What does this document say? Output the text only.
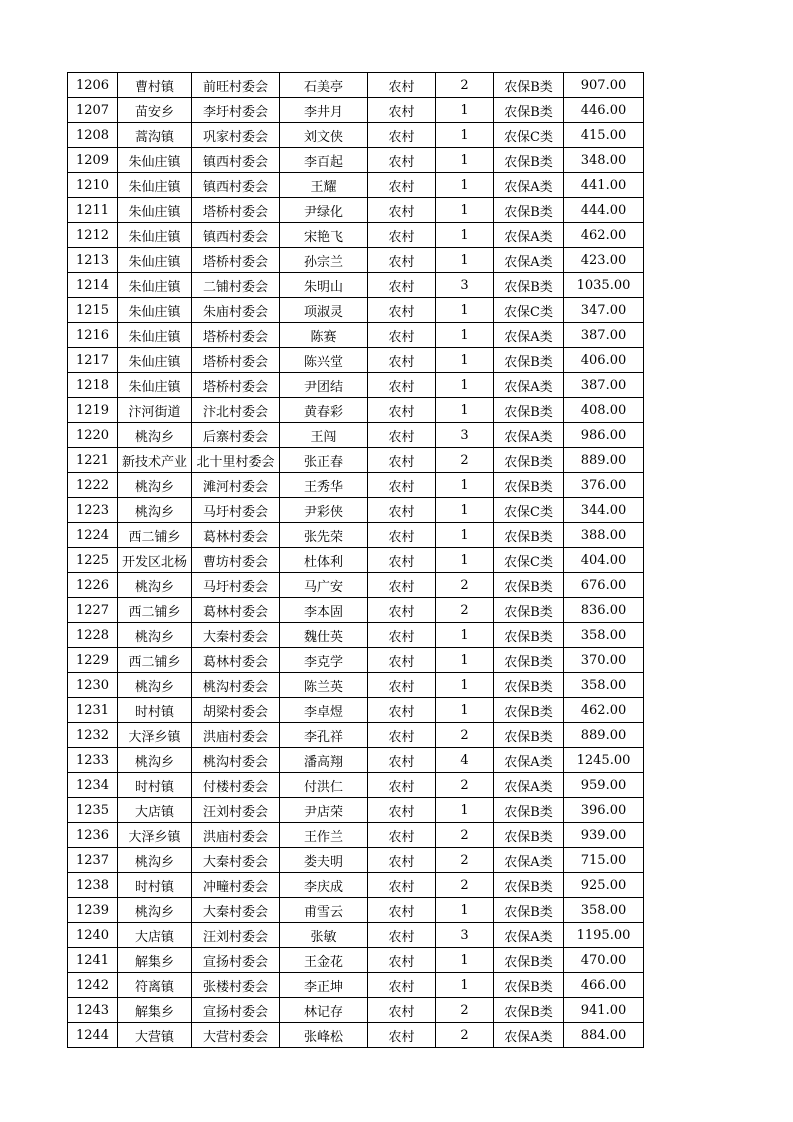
1206	曹村镇	前旺村委会	石美亭	农村	2	农保B类	907.00
1207	苗安乡	李圩村委会	李井月	农村	1	农保B类	446.00
1208	蒿沟镇	巩家村委会	刘文侠	农村	1	农保C类	415.00
1209	朱仙庄镇	镇西村委会	李百起	农村	1	农保B类	348.00
1210	朱仙庄镇	镇西村委会	王耀	农村	1	农保A类	441.00
1211	朱仙庄镇	塔桥村委会	尹绿化	农村	1	农保B类	444.00
1212	朱仙庄镇	镇西村委会	宋艳飞	农村	1	农保A类	462.00
1213	朱仙庄镇	塔桥村委会	孙宗兰	农村	1	农保A类	423.00
1214	朱仙庄镇	二铺村委会	朱明山	农村	3	农保B类	1035.00
1215	朱仙庄镇	朱庙村委会	项淑灵	农村	1	农保C类	347.00
1216	朱仙庄镇	塔桥村委会	陈赛	农村	1	农保A类	387.00
1217	朱仙庄镇	塔桥村委会	陈兴堂	农村	1	农保B类	406.00
1218	朱仙庄镇	塔桥村委会	尹团结	农村	1	农保A类	387.00
1219	汴河街道	汴北村委会	黄春彩	农村	1	农保B类	408.00
1220	桃沟乡	后寨村委会	王闯	农村	3	农保A类	986.00
1221	新技术产业	北十里村委会	张正春	农村	2	农保B类	889.00
1222	桃沟乡	滩河村委会	王秀华	农村	1	农保B类	376.00
1223	桃沟乡	马圩村委会	尹彩侠	农村	1	农保C类	344.00
1224	西二铺乡	葛林村委会	张先荣	农村	1	农保B类	388.00
1225	开发区北杨	曹坊村委会	杜体利	农村	1	农保C类	404.00
1226	桃沟乡	马圩村委会	马广安	农村	2	农保B类	676.00
1227	西二铺乡	葛林村委会	李本固	农村	2	农保B类	836.00
1228	桃沟乡	大秦村委会	魏仕英	农村	1	农保B类	358.00
1229	西二铺乡	葛林村委会	李克学	农村	1	农保B类	370.00
1230	桃沟乡	桃沟村委会	陈兰英	农村	1	农保B类	358.00
1231	时村镇	胡梁村委会	李卓煜	农村	1	农保B类	462.00
1232	大泽乡镇	洪庙村委会	李孔祥	农村	2	农保B类	889.00
1233	桃沟乡	桃沟村委会	潘高翔	农村	4	农保A类	1245.00
1234	时村镇	付楼村委会	付洪仁	农村	2	农保A类	959.00
1235	大店镇	汪刘村委会	尹店荣	农村	1	农保B类	396.00
1236	大泽乡镇	洪庙村委会	王作兰	农村	2	农保B类	939.00
1237	桃沟乡	大秦村委会	娄夫明	农村	2	农保A类	715.00
1238	时村镇	冲疃村委会	李庆成	农村	2	农保B类	925.00
1239	桃沟乡	大秦村委会	甫雪云	农村	1	农保B类	358.00
1240	大店镇	汪刘村委会	张敏	农村	3	农保A类	1195.00
1241	解集乡	宣扬村委会	王金花	农村	1	农保B类	470.00
1242	符离镇	张楼村委会	李正坤	农村	1	农保B类	466.00
1243	解集乡	宣扬村委会	林记存	农村	2	农保B类	941.00
1244	大营镇	大营村委会	张峰松	农村	2	农保A类	884.00
